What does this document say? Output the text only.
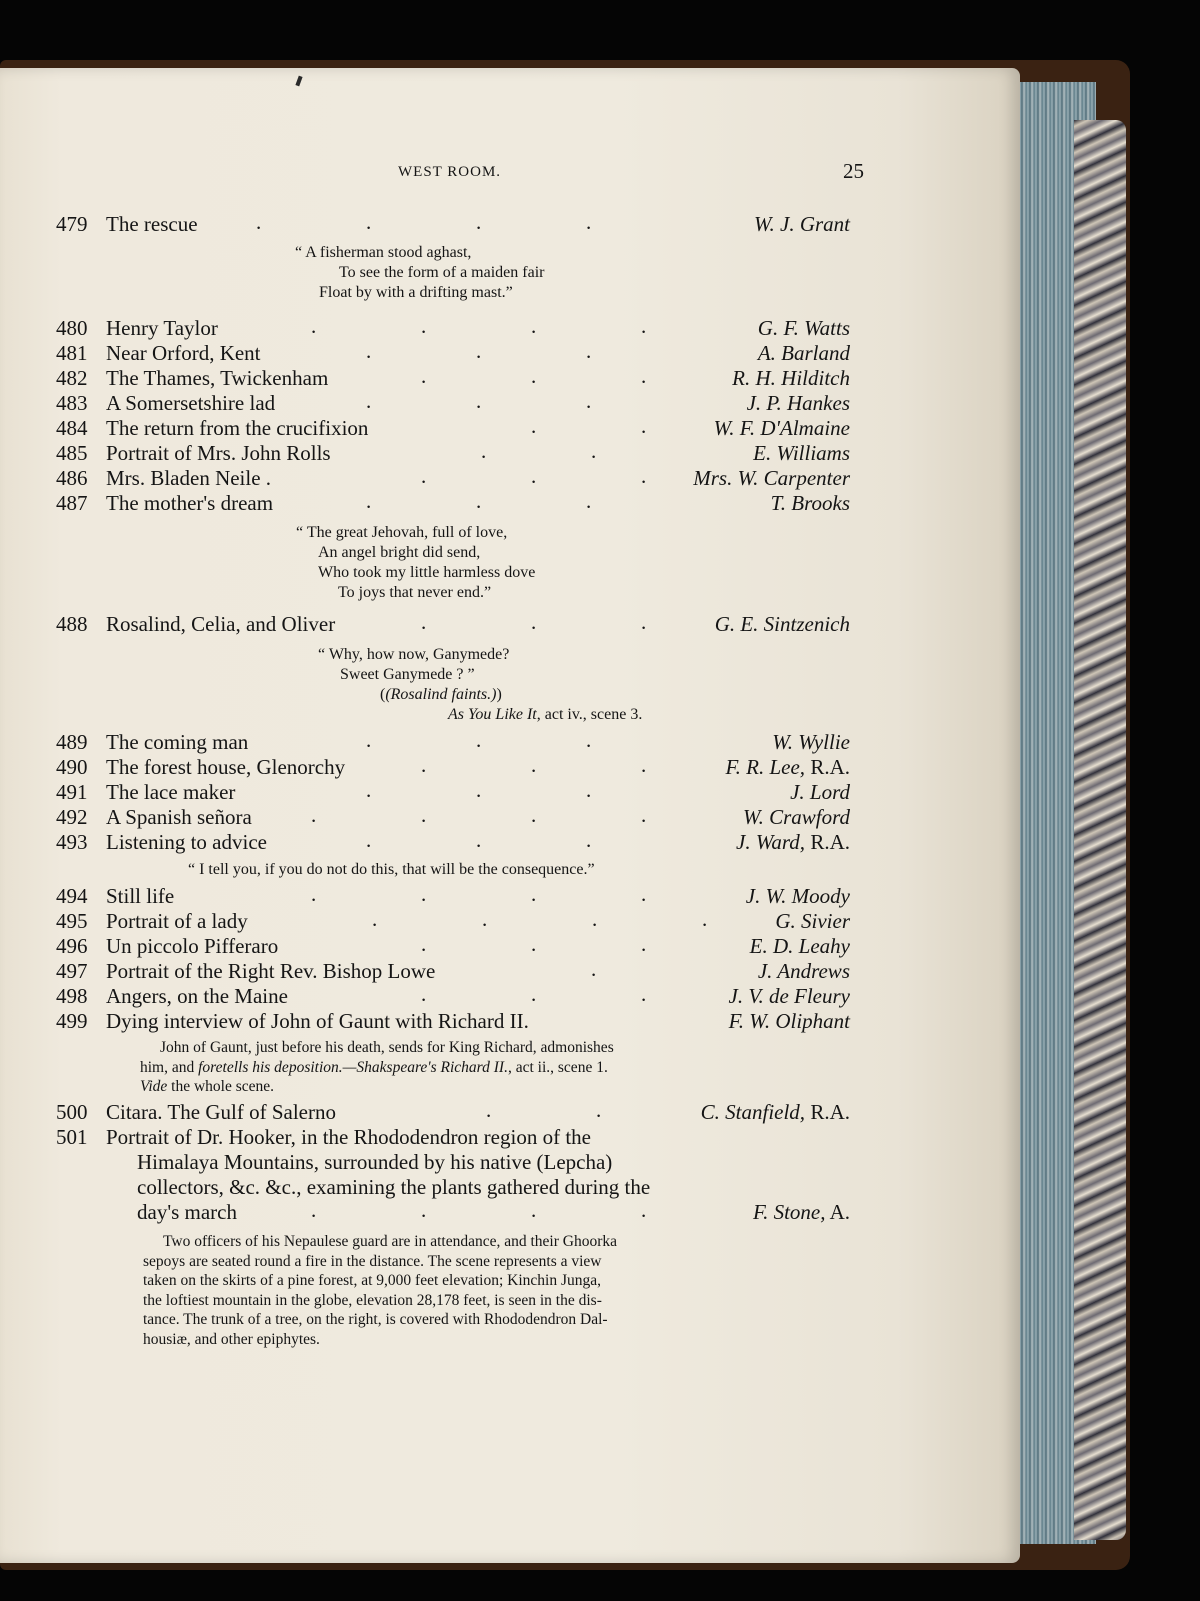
WEST ROOM.	25
479 The rescue	.	.	.	.	W. J. Grant
“ A fisherman stood aghast,
To see the form of a maiden fair
Float by with a drifting mast.”
480 Henry Taylor	.	.	.	.	G. F. Watts
481 Near Orford, Kent	.	.	.	A. Barland
482 The Thames, Twickenham	.	.	.	R. H. Hilditch
483 A Somersetshire lad	.	.	.	J. P. Hankes
484 The return from the crucifixion	.	.	W. F. D'Almaine
485 Portrait of Mrs. John Rolls	.	.	E. Williams
486 Mrs. Bladen Neile .	.	.	. Mrs. W. Carpenter
487 The mother's dream	.	.	.	T. Brooks
“ The great Jehovah, full of love,
An angel bright did send,
Who took my little harmless dove
To joys that never end.”
488 Rosalind, Celia, and Oliver	.	.	.	G. E. Sintzenich
“ Why, how now, Ganymede?
Sweet Ganymede ? ”
((Rosalind faints.))
As You Like It, act iv., scene 3.
489 The coming man	.	.	.	W. Wyllie
490 The forest house, Glenorchy	.	.	.	F. R. Lee, R.A.
491 The lace maker	.	.	.	J. Lord
492 A Spanish señora	.	.	.	.	W. Crawford
493 Listening to advice	.	.	.	J. Ward, R.A.
“ I tell you, if you do not do this, that will be the consequence.”
494 Still life	.	.	.	.	J. W. Moody
495 Portrait of a lady	.	.	.	.	G. Sivier
496 Un piccolo Pifferaro	.	.	.	E. D. Leahy
497 Portrait of the Right Rev. Bishop Lowe	.	J. Andrews
498 Angers, on the Maine	.	.	.	J. V. de Fleury
499 Dying interview of John of Gaunt with Richard II.	F. W. Oliphant
John of Gaunt, just before his death, sends for King Richard, admonishes
him, and foretells his deposition.—Shakspeare's Richard II., act ii., scene 1.
Vide the whole scene.
500 Citara. The Gulf of Salerno	.	.	C. Stanfield, R.A.
501 Portrait of Dr. Hooker, in the Rhododendron region of the
Himalaya Mountains, surrounded by his native (Lepcha)
collectors, &c. &c., examining the plants gathered during the
day's march	.	.	.	.	F. Stone, A.
Two officers of his Nepaulese guard are in attendance, and their Ghoorka
sepoys are seated round a fire in the distance. The scene represents a view
taken on the skirts of a pine forest, at 9,000 feet elevation; Kinchin Junga,
the loftiest mountain in the globe, elevation 28,178 feet, is seen in the dis-
tance. The trunk of a tree, on the right, is covered with Rhododendron Dal-
housiæ, and other epiphytes.
